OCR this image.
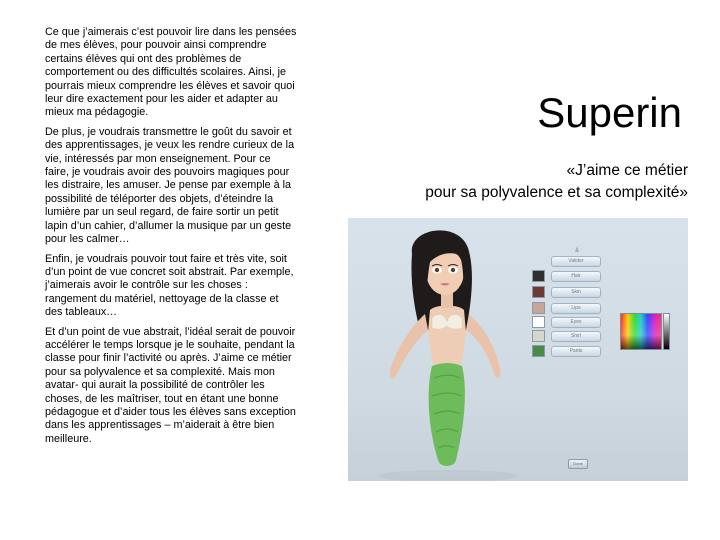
Ce que j’aimerais c’est pouvoir lire dans les pensées de mes élèves, pour pouvoir ainsi comprendre certains élèves qui ont des problèmes de comportement ou des difficultés scolaires. Ainsi, je pourrais mieux comprendre les élèves et savoir quoi leur dire exactement pour les aider et adapter au mieux ma pédagogie.

De plus, je voudrais transmettre le goût du savoir et des apprentissages, je veux les rendre curieux de la vie, intéressés par mon enseignement. Pour ce faire, je voudrais avoir des pouvoirs magiques pour les distraire, les amuser. Je pense par exemple à la possibilité de téléporter des objets, d’éteindre la lumière par un seul regard, de faire sortir un petit lapin d’un cahier, d’allumer la musique par un geste pour les calmer…

Enfin, je voudrais pouvoir tout faire et très vite, soit d’un point de vue concret soit abstrait. Par exemple, j’aimerais avoir le contrôle sur les choses : rangement du matériel, nettoyage de la classe et des tableaux…

Et d’un point de vue abstrait, l’idéal serait de pouvoir accélérer le temps lorsque je le souhaite, pendant la classe pour finir l’activité ou après. J’aime ce métier pour sa polyvalence et sa complexité. Mais mon avatar- qui aurait la possibilité de contrôler les choses, de les maîtriser, tout en étant une bonne pédagogue et d’aider tous les élèves sans exception dans les apprentissages – m’aiderait à être bien meilleure.

Superin
«J’aime ce métier
pour sa polyvalence et sa complexité»
Valider
Hair
Skin
Lips
Eyes
Shirt
Pants
Done
